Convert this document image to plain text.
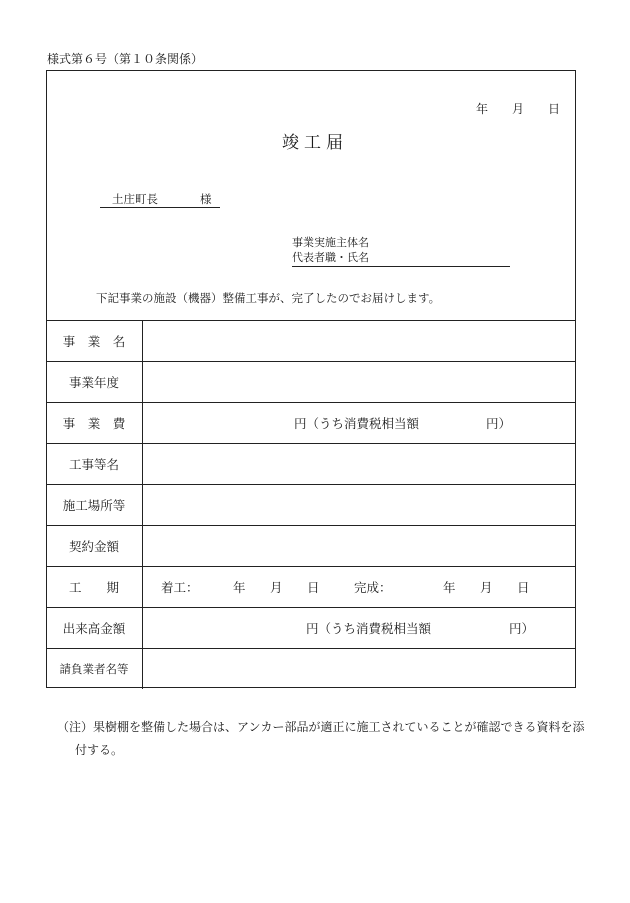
様式第６号（第１０条関係）
年 月 日
竣工届
土庄町長	様

事業実施主体名
代表者職・氏名
下記事業の施設（機器）整備工事が、完了したのでお届けします。
事　業　名
事業年度
事　業　費	円（うち消費税相当額	円）
工事等名
施工場所等
契約金額
工　　期	着工：	年 月 日	完成：	年 月 日
出来高金額	円（うち消費税相当額	円）
請負業者名等
（注）果樹棚を整備した場合は、アンカー部品が適正に施工されていることが確認できる資料を添
付する。
